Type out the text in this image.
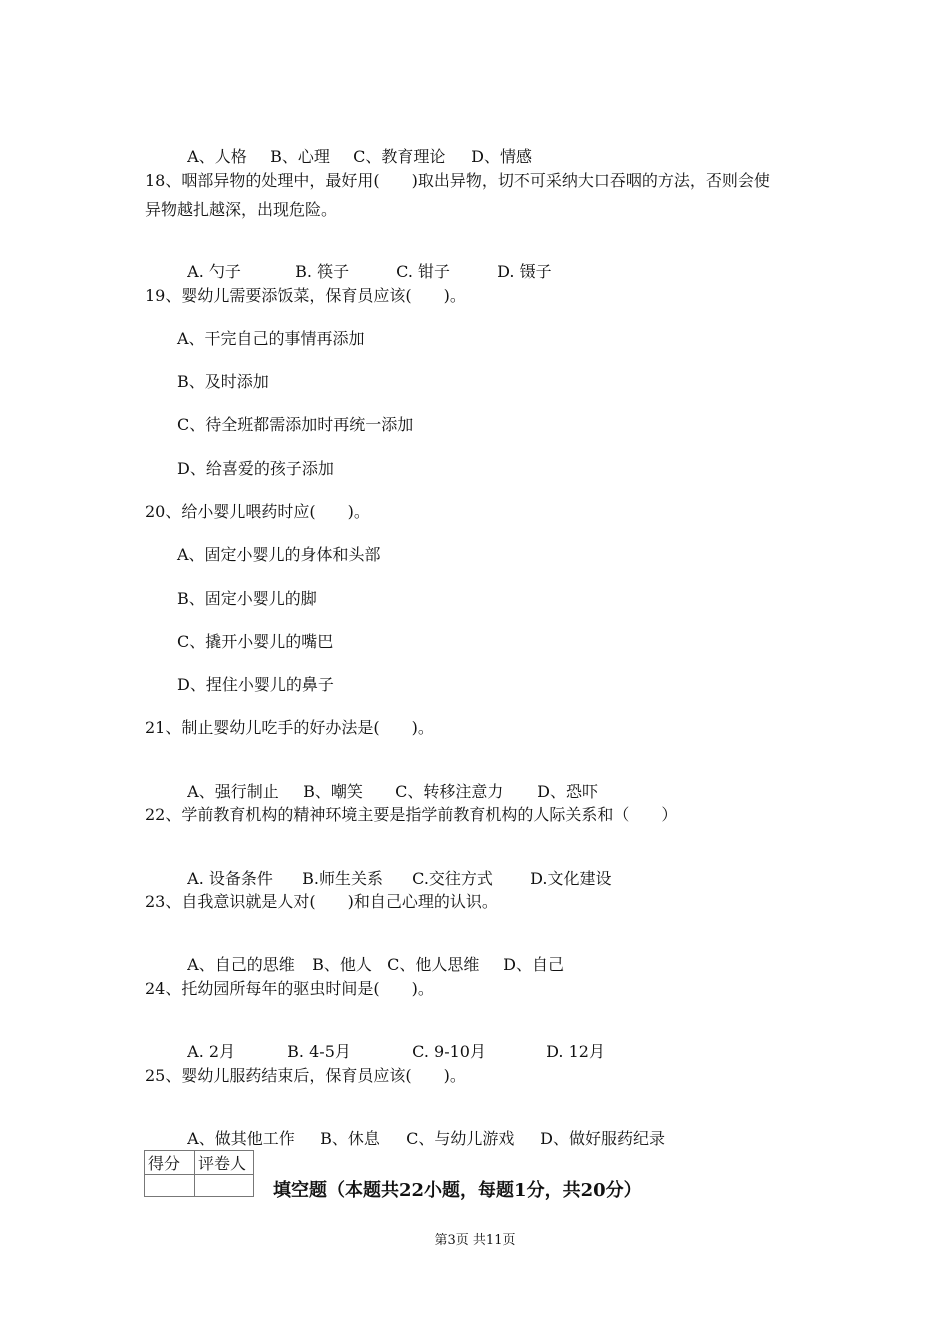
A、人格 B、心理 C、教育理论 D、情感

18、咽部异物的处理中，最好用(　　)取出异物，切不可采纳大口吞咽的方法，否则会使
异物越扎越深，出现危险。

A. 勺子	B. 筷子	C. 钳子	D. 镊子

19、婴幼儿需要添饭菜，保育员应该(　　)。
A、干完自己的事情再添加
B、及时添加
C、待全班都需添加时再统一添加
D、给喜爱的孩子添加
20、给小婴儿喂药时应(　　)。
A、固定小婴儿的身体和头部
B、固定小婴儿的脚
C、撬开小婴儿的嘴巴
D、捏住小婴儿的鼻子
21、制止婴幼儿吃手的好办法是(　　)。

A、强行制止 B、嘲笑 C、转移注意力 D、恐吓

22、学前教育机构的精神环境主要是指学前教育机构的人际关系和（　　）

A. 设备条件 B.师生关系 C.交往方式 D.文化建设

23、自我意识就是人对(　　)和自己心理的认识。

A、自己的思维 B、他人 C、他人思维 D、自己

24、托幼园所每年的驱虫时间是(　　)。

A. 2月	B. 4-5月	C. 9-10月	D. 12月

25、婴幼儿服药结束后，保育员应该(　　)。

A、做其他工作 B、休息 C、与幼儿游戏 D、做好服药纪录

得分	评卷人

填空题（本题共22小题，每题1分，共20分）
第3页 共11页
